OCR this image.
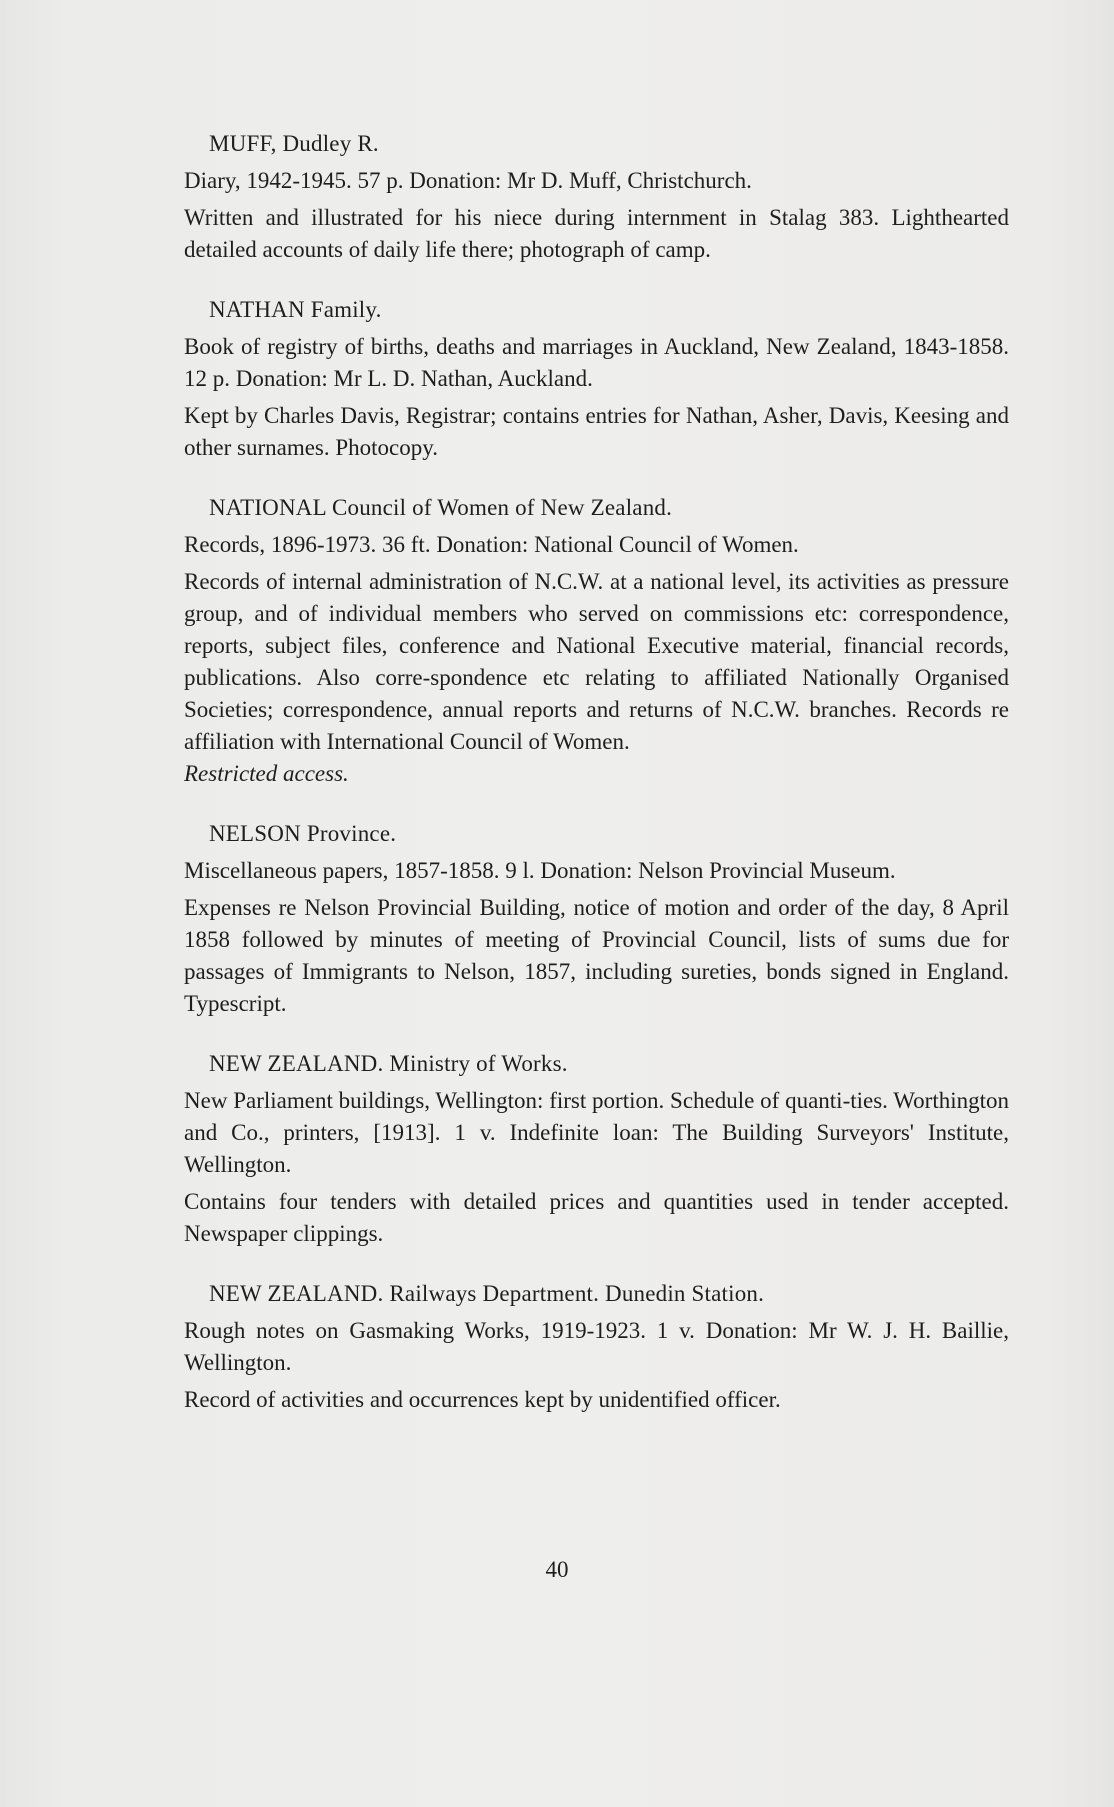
MUFF, Dudley R.

Diary, 1942-1945. 57 p. Donation: Mr D. Muff, Christchurch.

Written and illustrated for his niece during internment in Stalag 383. Lighthearted detailed accounts of daily life there; photograph of camp.

NATHAN Family.

Book of registry of births, deaths and marriages in Auckland, New Zealand, 1843-1858. 12 p. Donation: Mr L. D. Nathan, Auckland.

Kept by Charles Davis, Registrar; contains entries for Nathan, Asher, Davis, Keesing and other surnames. Photocopy.

NATIONAL Council of Women of New Zealand.

Records, 1896-1973. 36 ft. Donation: National Council of Women.

Records of internal administration of N.C.W. at a national level, its activities as pressure group, and of individual members who served on commissions etc: correspondence, reports, subject files, conference and National Executive material, financial records, publications. Also corre-spondence etc relating to affiliated Nationally Organised Societies; correspondence, annual reports and returns of N.C.W. branches. Records re affiliation with International Council of Women.

Restricted access.

NELSON Province.

Miscellaneous papers, 1857-1858. 9 l. Donation: Nelson Provincial Museum.

Expenses re Nelson Provincial Building, notice of motion and order of the day, 8 April 1858 followed by minutes of meeting of Provincial Council, lists of sums due for passages of Immigrants to Nelson, 1857, including sureties, bonds signed in England. Typescript.

NEW ZEALAND. Ministry of Works.

New Parliament buildings, Wellington: first portion. Schedule of quanti-ties. Worthington and Co., printers, [1913]. 1 v. Indefinite loan: The Building Surveyors' Institute, Wellington.

Contains four tenders with detailed prices and quantities used in tender accepted. Newspaper clippings.

NEW ZEALAND. Railways Department. Dunedin Station.

Rough notes on Gasmaking Works, 1919-1923. 1 v. Donation: Mr W. J. H. Baillie, Wellington.

Record of activities and occurrences kept by unidentified officer.

40
